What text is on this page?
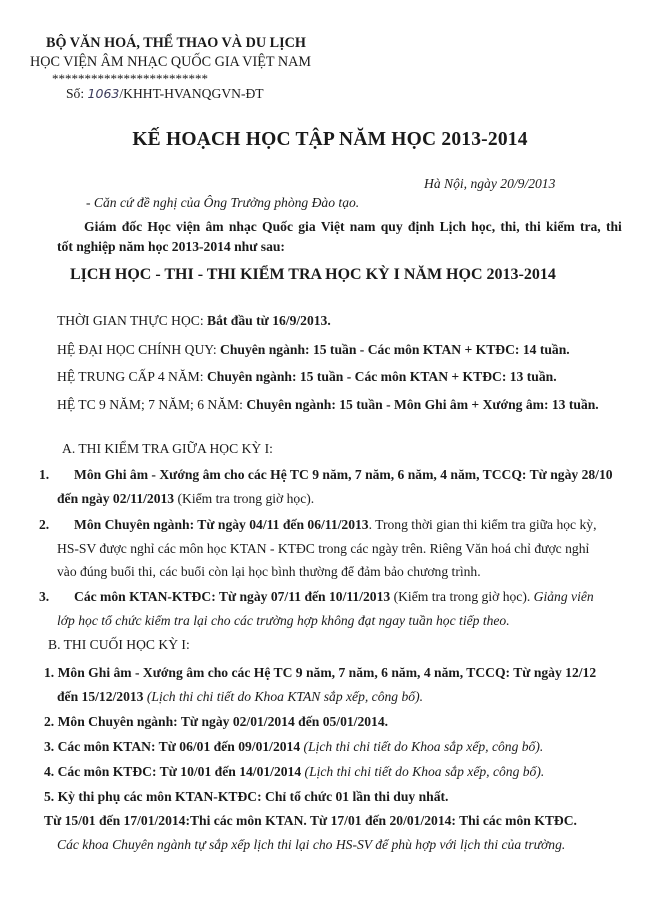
BỘ VĂN HOÁ, THỂ THAO VÀ DU LỊCH
HỌC VIỆN ÂM NHẠC QUỐC GIA VIỆT NAM
************************
Số: 1063/KHHT-HVANQGVN-ĐT
KẾ HOẠCH HỌC TẬP NĂM HỌC 2013-2014
Hà Nội, ngày 20/9/2013
- Căn cứ đề nghị của Ông Trưởng phòng Đào tạo.
Giám đốc Học viện âm nhạc Quốc gia Việt nam quy định Lịch học, thi, thi kiểm tra, thi
tốt nghiệp năm học 2013-2014 như sau:
LỊCH HỌC - THI - THI KIỂM TRA HỌC KỲ I NĂM HỌC 2013-2014
THỜI GIAN THỰC HỌC: Bắt đầu từ 16/9/2013.
HỆ ĐẠI HỌC CHÍNH QUY: Chuyên ngành: 15 tuần - Các môn KTAN + KTĐC: 14 tuần.
HỆ TRUNG CẤP 4 NĂM: Chuyên ngành: 15 tuần - Các môn KTAN + KTĐC: 13 tuần.
HỆ TC 9 NĂM; 7 NĂM; 6 NĂM: Chuyên ngành: 15 tuần - Môn Ghi âm + Xướng âm: 13 tuần.
A. THI KIỂM TRA GIỮA HỌC KỲ I:
1. Môn Ghi âm - Xướng âm cho các Hệ TC 9 năm, 7 năm, 6 năm, 4 năm, TCCQ: Từ ngày 28/10
đến ngày 02/11/2013 (Kiểm tra trong giờ học).
2. Môn Chuyên ngành: Từ ngày 04/11 đến 06/11/2013. Trong thời gian thi kiểm tra giữa học kỳ,
HS-SV được nghỉ các môn học KTAN - KTĐC trong các ngày trên. Riêng Văn hoá chỉ được nghỉ
vào đúng buổi thi, các buổi còn lại học bình thường để đảm bảo chương trình.
3. Các môn KTAN-KTĐC: Từ ngày 07/11 đến 10/11/2013 (Kiểm tra trong giờ học). Giảng viên
lớp học tổ chức kiểm tra lại cho các trường hợp không đạt ngay tuần học tiếp theo.
B. THI CUỐI HỌC KỲ I:
1. Môn Ghi âm - Xướng âm cho các Hệ TC 9 năm, 7 năm, 6 năm, 4 năm, TCCQ: Từ ngày 12/12
đến 15/12/2013 (Lịch thi chi tiết do Khoa KTAN sắp xếp, công bố).
2. Môn Chuyên ngành: Từ ngày 02/01/2014 đến 05/01/2014.
3. Các môn KTAN: Từ 06/01 đến 09/01/2014 (Lịch thi chi tiết do Khoa sắp xếp, công bố).
4. Các môn KTĐC: Từ 10/01 đến 14/01/2014 (Lịch thi chi tiết do Khoa sắp xếp, công bố).
5. Kỳ thi phụ các môn KTAN-KTĐC: Chỉ tổ chức 01 lần thi duy nhất.
Từ 15/01 đến 17/01/2014:Thi các môn KTAN. Từ 17/01 đến 20/01/2014: Thi các môn KTĐC.
Các khoa Chuyên ngành tự sắp xếp lịch thi lại cho HS-SV để phù hợp với lịch thi của trường.
